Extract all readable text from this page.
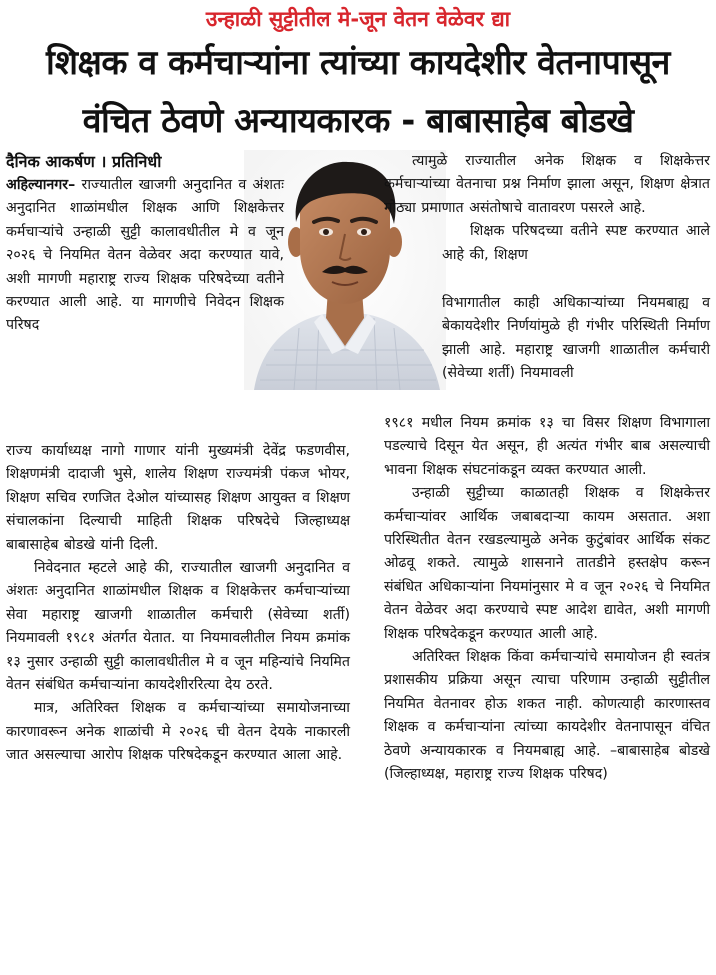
उन्हाळी सुट्टीतील मे-जून वेतन वेळेवर द्या
शिक्षक व कर्मचाऱ्यांना त्यांच्या कायदेशीर वेतनापासून
वंचित ठेवणे अन्यायकारक - बाबासाहेब बोडखे
दैनिक आकर्षण । प्रतिनिधी

अहिल्यानगर– राज्यातील खाजगी अनुदानित व अंशतः अनुदानित शाळांमधील शिक्षक आणि शिक्षकेत्तर कर्मचाऱ्यांचे उन्हाळी सुट्टी कालावधीतील मे व जून २०२६ चे नियमित वेतन वेळेवर अदा करण्यात यावे, अशी मागणी महाराष्ट्र राज्य शिक्षक परिषदेच्या वतीने करण्यात आली आहे. या मागणीचे निवेदन शिक्षक परिषद

राज्य कार्याध्यक्ष नागो गाणार यांनी मुख्यमंत्री देवेंद्र फडणवीस, शिक्षणमंत्री दादाजी भुसे, शालेय शिक्षण राज्यमंत्री पंकज भोयर, शिक्षण सचिव रणजित देओल यांच्यासह शिक्षण आयुक्त व शिक्षण संचालकांना दिल्याची माहिती शिक्षक परिषदेचे जिल्हाध्यक्ष बाबासाहेब बोडखे यांनी दिली.

निवेदनात म्हटले आहे की, राज्यातील खाजगी अनुदानित व अंशतः अनुदानित शाळांमधील शिक्षक व शिक्षकेत्तर कर्मचाऱ्यांच्या सेवा महाराष्ट्र खाजगी शाळातील कर्मचारी (सेवेच्या शर्ती) नियमावली १९८१ अंतर्गत येतात. या नियमावलीतील नियम क्रमांक १३ नुसार उन्हाळी सुट्टी कालावधीतील मे व जून महिन्यांचे नियमित वेतन संबंधित कर्मचाऱ्यांना कायदेशीररित्या देय ठरते.

मात्र, अतिरिक्त शिक्षक व कर्मचाऱ्यांच्या समायोजनाच्या कारणावरून अनेक शाळांची मे २०२६ ची वेतन देयके नाकारली जात असल्याचा आरोप शिक्षक परिषदेकडून करण्यात आला आहे.

त्यामुळे राज्यातील अनेक शिक्षक व शिक्षकेत्तर कर्मचाऱ्यांच्या वेतनाचा प्रश्न निर्माण झाला असून, शिक्षण क्षेत्रात मोठ्या प्रमाणात असंतोषाचे वातावरण पसरले आहे.

शिक्षक परिषदच्या वतीने स्पष्ट करण्यात आले आहे की, शिक्षण

विभागातील काही अधिकाऱ्यांच्या नियमबाह्य व बेकायदेशीर निर्णयांमुळे ही गंभीर परिस्थिती निर्माण झाली आहे. महाराष्ट्र खाजगी शाळातील कर्मचारी (सेवेच्या शर्ती) नियमावली

१९८१ मधील नियम क्रमांक १३ चा विसर शिक्षण विभागाला पडल्याचे दिसून येत असून, ही अत्यंत गंभीर बाब असल्याची भावना शिक्षक संघटनांकडून व्यक्त करण्यात आली.

उन्हाळी सुट्टीच्या काळातही शिक्षक व शिक्षकेत्तर कर्मचाऱ्यांवर आर्थिक जबाबदाऱ्या कायम असतात. अशा परिस्थितीत वेतन रखडल्यामुळे अनेक कुटुंबांवर आर्थिक संकट ओढवू शकते. त्यामुळे शासनाने तातडीने हस्तक्षेप करून संबंधित अधिकाऱ्यांना नियमांनुसार मे व जून २०२६ चे नियमित वेतन वेळेवर अदा करण्याचे स्पष्ट आदेश द्यावेत, अशी मागणी शिक्षक परिषदेकडून करण्यात आली आहे.

अतिरिक्त शिक्षक किंवा कर्मचाऱ्यांचे समायोजन ही स्वतंत्र प्रशासकीय प्रक्रिया असून त्याचा परिणाम उन्हाळी सुट्टीतील नियमित वेतनावर होऊ शकत नाही. कोणत्याही कारणास्तव शिक्षक व कर्मचाऱ्यांना त्यांच्या कायदेशीर वेतनापासून वंचित ठेवणे अन्यायकारक व नियमबाह्य आहे. –बाबासाहेब बोडखे (जिल्हाध्यक्ष, महाराष्ट्र राज्य शिक्षक परिषद)
